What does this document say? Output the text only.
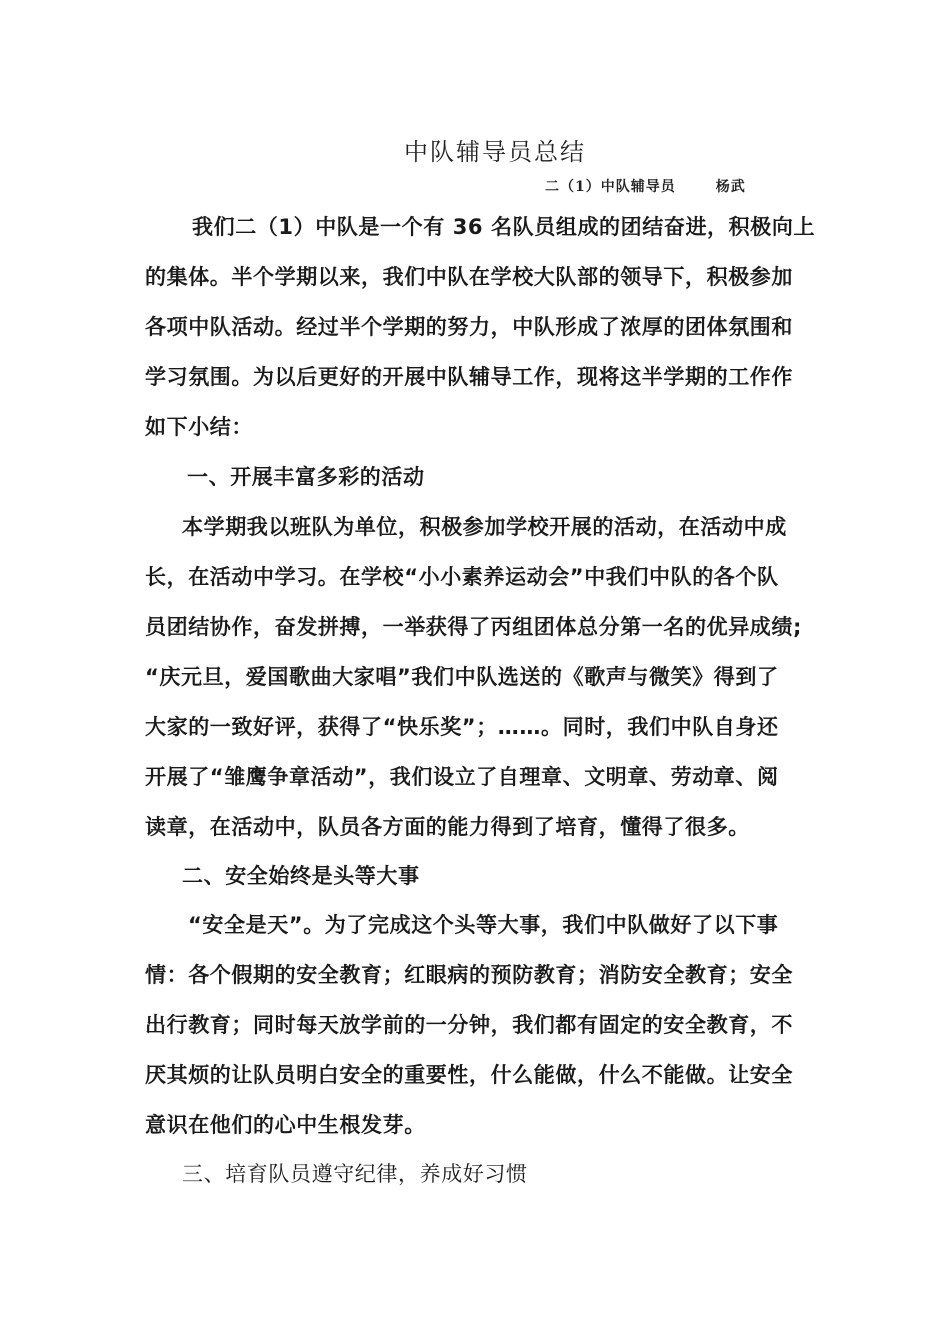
中队辅导员总结
二（1）中队辅导员	杨武
我们二（1）中队是一个有 36 名队员组成的团结奋进，积极向上
的集体。半个学期以来，我们中队在学校大队部的领导下，积极参加
各项中队活动。经过半个学期的努力，中队形成了浓厚的团体氛围和
学习氛围。为以后更好的开展中队辅导工作，现将这半学期的工作作
如下小结：
一、开展丰富多彩的活动
本学期我以班队为单位，积极参加学校开展的活动，在活动中成
长，在活动中学习。在学校“小小素养运动会”中我们中队的各个队
员团结协作，奋发拼搏，一举获得了丙组团体总分第一名的优异成绩;
“庆元旦，爱国歌曲大家唱”我们中队选送的《歌声与微笑》得到了
大家的一致好评，获得了“快乐奖”；……。同时，我们中队自身还
开展了“雏鹰争章活动”，我们设立了自理章、文明章、劳动章、阅
读章，在活动中，队员各方面的能力得到了培育，懂得了很多。
二、安全始终是头等大事
“安全是天”。为了完成这个头等大事，我们中队做好了以下事
情：各个假期的安全教育；红眼病的预防教育；消防安全教育；安全
出行教育；同时每天放学前的一分钟，我们都有固定的安全教育，不
厌其烦的让队员明白安全的重要性，什么能做，什么不能做。让安全
意识在他们的心中生根发芽。
三、培育队员遵守纪律，养成好习惯
